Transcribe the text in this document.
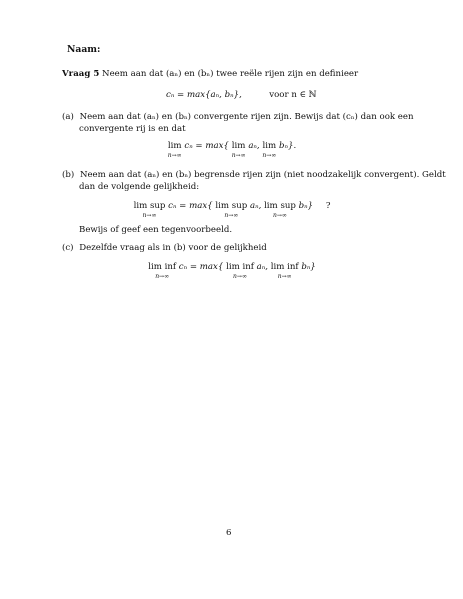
Naam:
Vraag 5 Neem aan dat (aₙ) en (bₙ) twee reële rijen zijn en definieer
cₙ = max{aₙ, bₙ},	voor n ∈ ℕ
(a) Neem aan dat (aₙ) en (bₙ) convergente rijen zijn. Bewijs dat (cₙ) dan ook een
convergente rij is en dat
lim
n→∞
cₙ = max{ lim
n→∞
aₙ, lim
n→∞
bₙ}.
(b) Neem aan dat (aₙ) en (bₙ) begrensde rijen zijn (niet noodzakelijk convergent). Geldt
dan de volgende gelijkheid:
lim sup
n→∞
cₙ = max{ lim sup
n→∞
aₙ, lim sup
n→∞
bₙ} ?
Bewijs of geef een tegenvoorbeeld.
(c) Dezelfde vraag als in (b) voor de gelijkheid
lim inf
n→∞
cₙ = max{ lim inf
n→∞
aₙ, lim inf
n→∞
bₙ}
6
